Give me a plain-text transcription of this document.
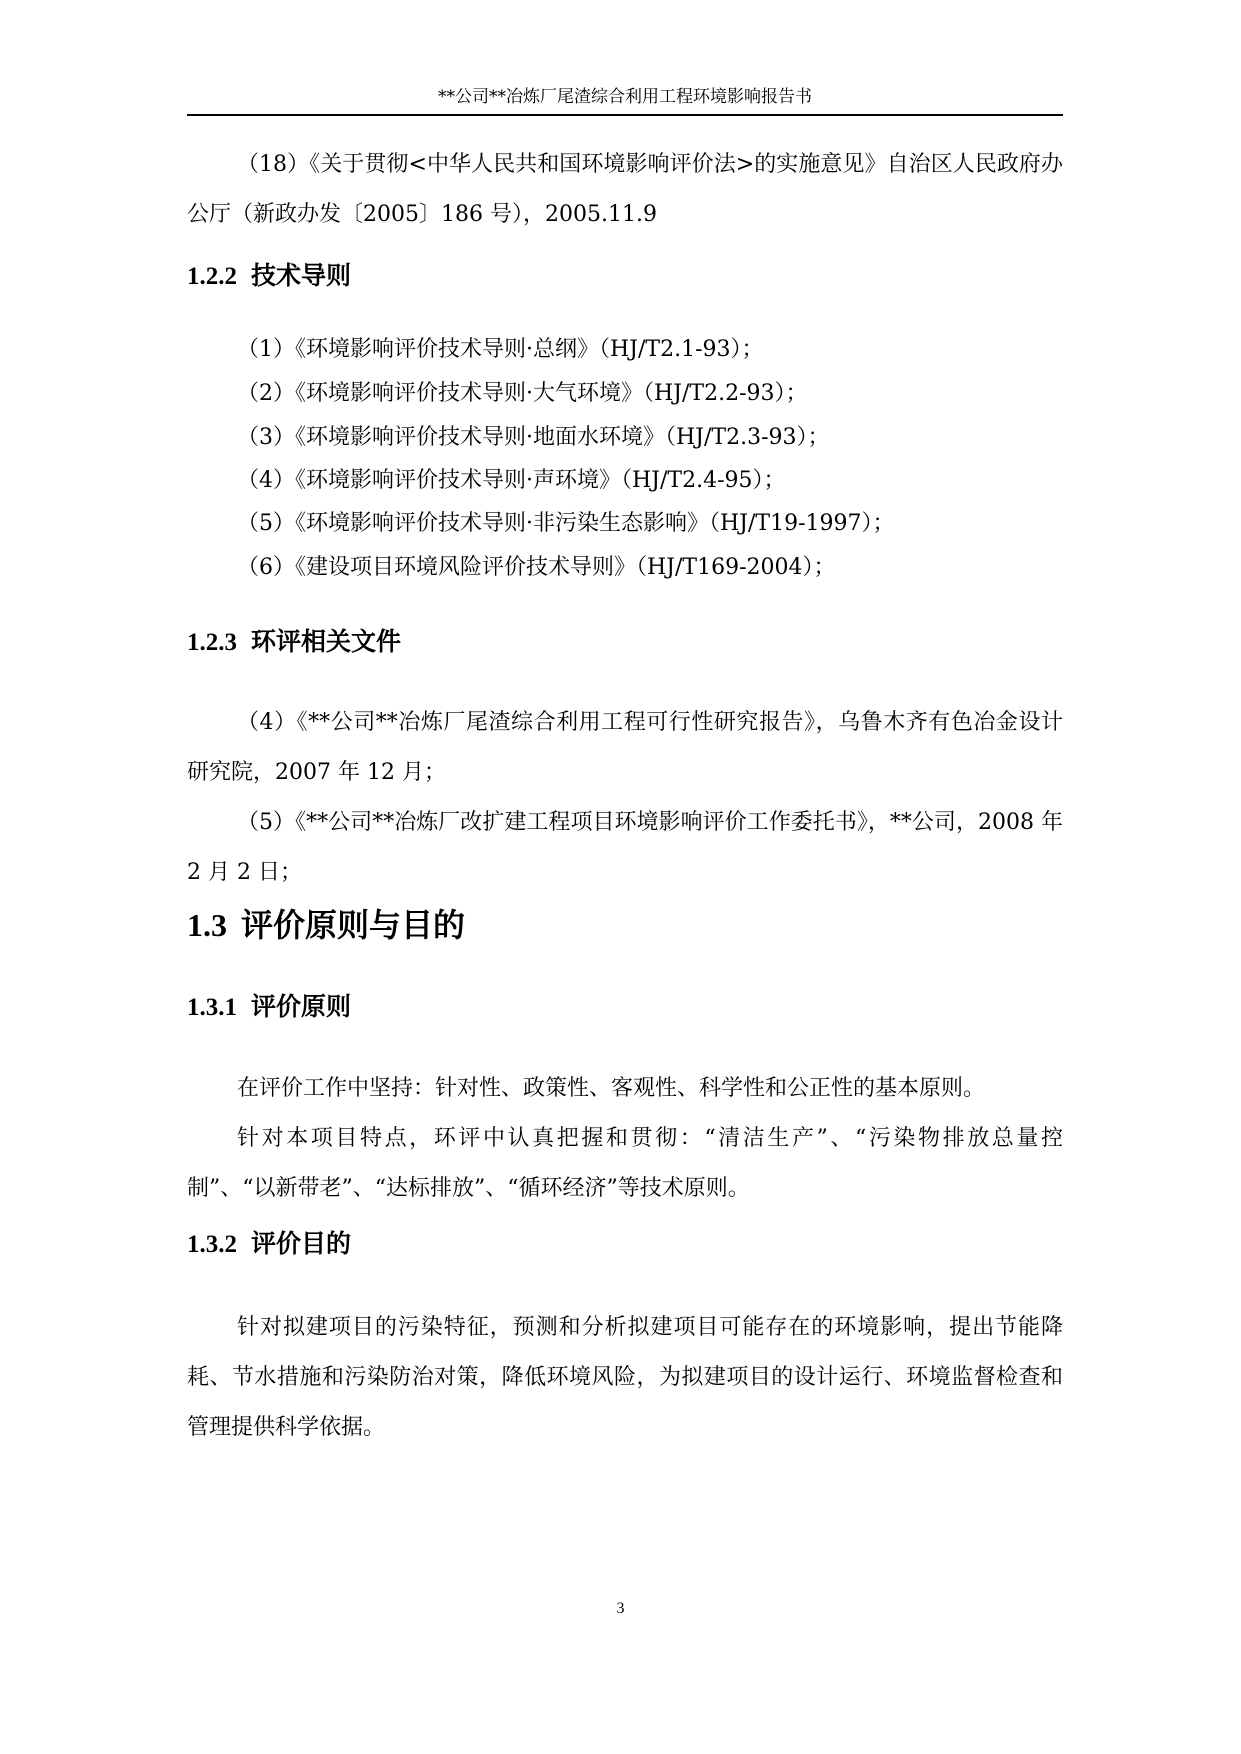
**公司**冶炼厂尾渣综合利用工程环境影响报告书
（18）《关于贯彻<中华人民共和国环境影响评价法>的实施意见》自治区人民政府办公厅（新政办发〔2005〕186 号），2005.11.9
1.2.2 技术导则
（1）《环境影响评价技术导则·总纲》（HJ/T2.1-93）；
（2）《环境影响评价技术导则·大气环境》（HJ/T2.2-93）；
（3）《环境影响评价技术导则·地面水环境》（HJ/T2.3-93）；
（4）《环境影响评价技术导则·声环境》（HJ/T2.4-95）；
（5）《环境影响评价技术导则·非污染生态影响》（HJ/T19-1997）；
（6）《建设项目环境风险评价技术导则》（HJ/T169-2004）；
1.2.3 环评相关文件
（4）《**公司**冶炼厂尾渣综合利用工程可行性研究报告》，乌鲁木齐有色冶金设计研究院，2007 年 12 月；
（5）《**公司**冶炼厂改扩建工程项目环境影响评价工作委托书》，**公司，2008 年 2 月 2 日；
1.3 评价原则与目的
1.3.1 评价原则
在评价工作中坚持：针对性、政策性、客观性、科学性和公正性的基本原则。
针对本项目特点，环评中认真把握和贯彻：“清洁生产”、“污染物排放总量控制”、“以新带老”、“达标排放”、“循环经济”等技术原则。
1.3.2 评价目的
针对拟建项目的污染特征，预测和分析拟建项目可能存在的环境影响，提出节能降耗、节水措施和污染防治对策，降低环境风险，为拟建项目的设计运行、环境监督检查和管理提供科学依据。
3
